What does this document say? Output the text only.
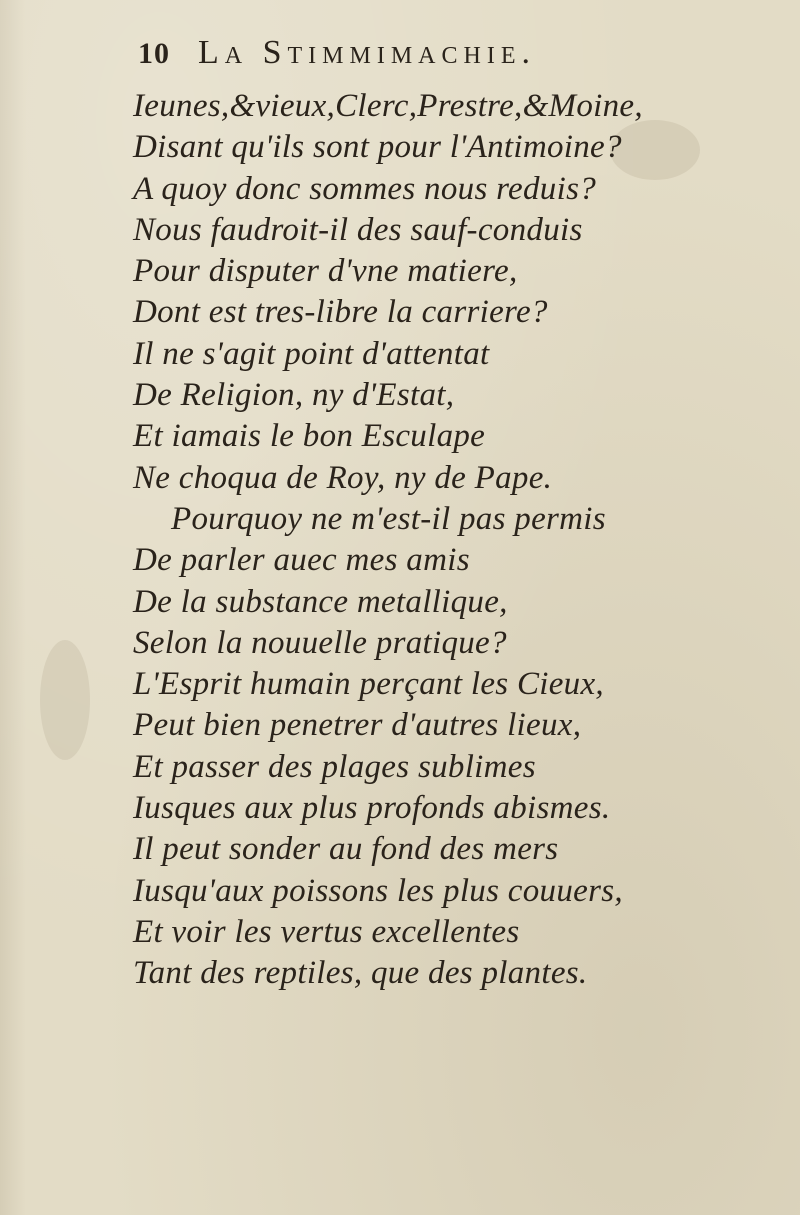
10 La Stimmimachie.
Ieunes,&vieux,Clerc,Prestre,&Moine,
Disant qu'ils sont pour l'Antimoine?
A quoy donc sommes nous reduis?
Nous faudroit-il des sauf-conduis
Pour disputer d'vne matiere,
Dont est tres-libre la carriere?
Il ne s'agit point d'attentat
De Religion, ny d'Estat,
Et iamais le bon Esculape
Ne choqua de Roy, ny de Pape.
Pourquoy ne m'est-il pas permis
De parler auec mes amis
De la substance metallique,
Selon la nouuelle pratique?
L'Esprit humain perçant les Cieux,
Peut bien penetrer d'autres lieux,
Et passer des plages sublimes
Iusques aux plus profonds abismes.
Il peut sonder au fond des mers
Iusqu'aux poissons les plus couuers,
Et voir les vertus excellentes
Tant des reptiles, que des plantes.
